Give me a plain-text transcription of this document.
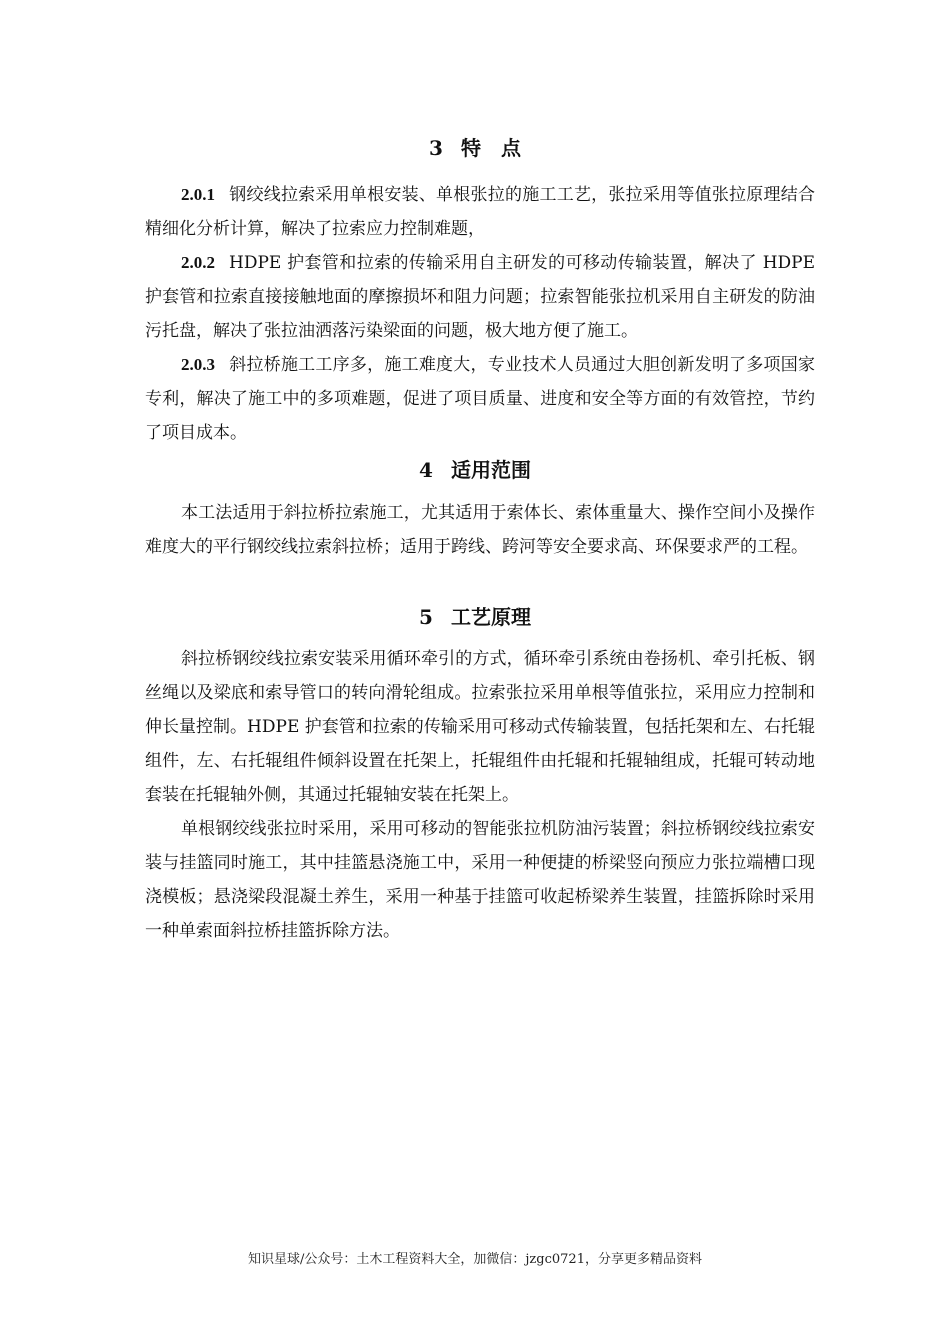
3 特　点

2.0.1 钢绞线拉索采用单根安装、单根张拉的施工工艺，张拉采用等值张拉原理结合精细化分析计算，解决了拉索应力控制难题，

2.0.2 HDPE 护套管和拉索的传输采用自主研发的可移动传输装置，解决了 HDPE 护套管和拉索直接接触地面的摩擦损坏和阻力问题；拉索智能张拉机采用自主研发的防油污托盘，解决了张拉油洒落污染梁面的问题，极大地方便了施工。

2.0.3 斜拉桥施工工序多，施工难度大，专业技术人员通过大胆创新发明了多项国家专利，解决了施工中的多项难题，促进了项目质量、进度和安全等方面的有效管控，节约了项目成本。

4 适用范围

本工法适用于斜拉桥拉索施工，尤其适用于索体长、索体重量大、操作空间小及操作难度大的平行钢绞线拉索斜拉桥；适用于跨线、跨河等安全要求高、环保要求严的工程。

5 工艺原理

斜拉桥钢绞线拉索安装采用循环牵引的方式，循环牵引系统由卷扬机、牵引托板、钢丝绳以及梁底和索导管口的转向滑轮组成。拉索张拉采用单根等值张拉，采用应力控制和伸长量控制。HDPE 护套管和拉索的传输采用可移动式传输装置，包括托架和左、右托辊组件，左、右托辊组件倾斜设置在托架上，托辊组件由托辊和托辊轴组成，托辊可转动地套装在托辊轴外侧，其通过托辊轴安装在托架上。

单根钢绞线张拉时采用，采用可移动的智能张拉机防油污装置；斜拉桥钢绞线拉索安装与挂篮同时施工，其中挂篮悬浇施工中，采用一种便捷的桥梁竖向预应力张拉端槽口现浇模板；悬浇梁段混凝土养生，采用一种基于挂篮可收起桥梁养生装置，挂篮拆除时采用一种单索面斜拉桥挂篮拆除方法。

知识星球/公众号：土木工程资料大全，加微信：jzgc0721，分享更多精品资料
